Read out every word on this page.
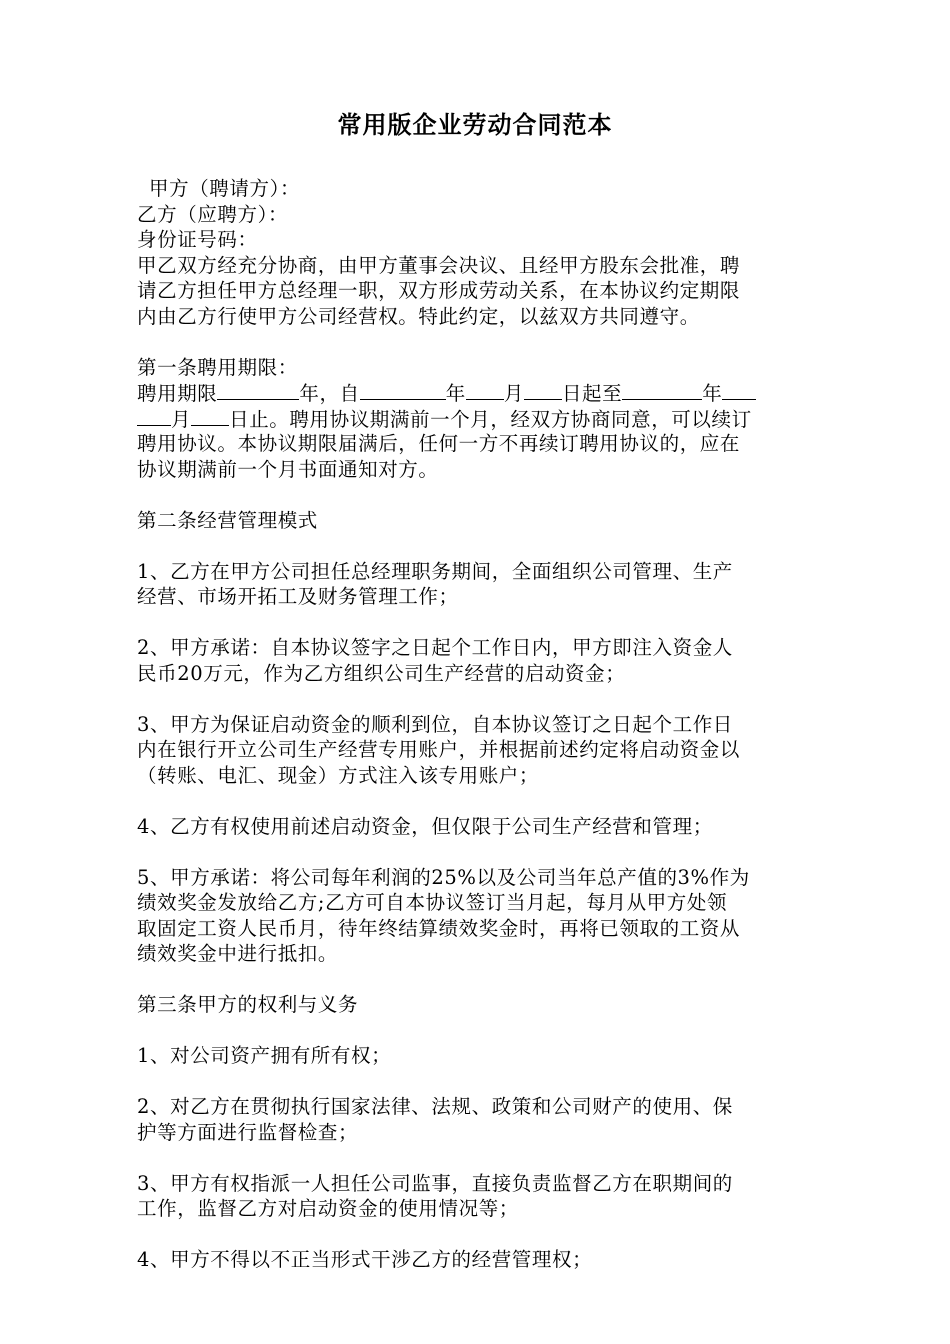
常用版企业劳动合同范本
甲方（聘请方）：
乙方（应聘方）：
身份证号码：
甲乙双方经充分协商，由甲方董事会决议、且经甲方股东会批准，聘
请乙方担任甲方总经理一职，双方形成劳动关系，在本协议约定期限
内由乙方行使甲方公司经营权。特此约定，以兹双方共同遵守。
第一条聘用期限：
聘用期限	年，自	年 月 日起至	年
月 日止。聘用协议期满前一个月，经双方协商同意，可以续订
聘用协议。本协议期限届满后，任何一方不再续订聘用协议的，应在
协议期满前一个月书面通知对方。
第二条经营管理模式
1、乙方在甲方公司担任总经理职务期间，全面组织公司管理、生产
经营、市场开拓工及财务管理工作；
2、甲方承诺：自本协议签字之日起个工作日内，甲方即注入资金人
民币20万元，作为乙方组织公司生产经营的启动资金；
3、甲方为保证启动资金的顺利到位，自本协议签订之日起个工作日
内在银行开立公司生产经营专用账户，并根据前述约定将启动资金以
（转账、电汇、现金）方式注入该专用账户；
4、乙方有权使用前述启动资金，但仅限于公司生产经营和管理；
5、甲方承诺：将公司每年利润的25%以及公司当年总产值的3%作为
绩效奖金发放给乙方;乙方可自本协议签订当月起，每月从甲方处领
取固定工资人民币月，待年终结算绩效奖金时，再将已领取的工资从
绩效奖金中进行抵扣。
第三条甲方的权利与义务
1、对公司资产拥有所有权；
2、对乙方在贯彻执行国家法律、法规、政策和公司财产的使用、保
护等方面进行监督检查；
3、甲方有权指派一人担任公司监事，直接负责监督乙方在职期间的
工作，监督乙方对启动资金的使用情况等；
4、甲方不得以不正当形式干涉乙方的经营管理权；
